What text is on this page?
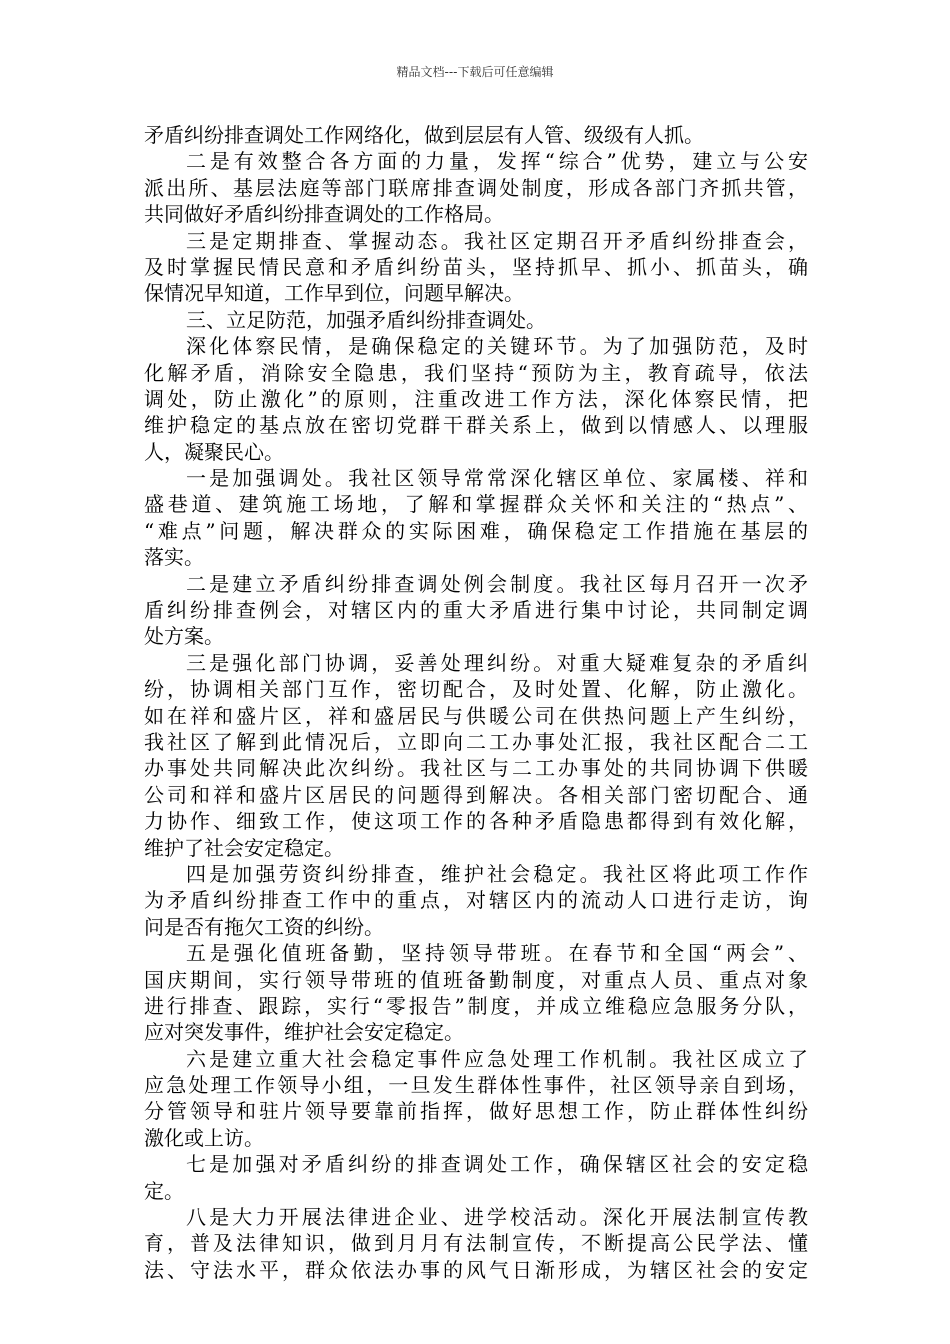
精品文档---下载后可任意编辑
矛盾纠纷排查调处工作网络化，做到层层有人管、级级有人抓。
二是有效整合各方面的力量，发挥“综合”优势，建立与公安
派出所、基层法庭等部门联席排查调处制度，形成各部门齐抓共管，
共同做好矛盾纠纷排查调处的工作格局。
三是定期排查、掌握动态。我社区定期召开矛盾纠纷排查会，
及时掌握民情民意和矛盾纠纷苗头，坚持抓早、抓小、抓苗头，确
保情况早知道，工作早到位，问题早解决。
三、立足防范，加强矛盾纠纷排查调处。
深化体察民情，是确保稳定的关键环节。为了加强防范，及时
化解矛盾，消除安全隐患，我们坚持“预防为主，教育疏导，依法
调处，防止激化”的原则，注重改进工作方法，深化体察民情，把
维护稳定的基点放在密切党群干群关系上，做到以情感人、以理服
人，凝聚民心。
一是加强调处。我社区领导常常深化辖区单位、家属楼、祥和
盛巷道、建筑施工场地，了解和掌握群众关怀和关注的“热点”、
“难点”问题，解决群众的实际困难，确保稳定工作措施在基层的
落实。
二是建立矛盾纠纷排查调处例会制度。我社区每月召开一次矛
盾纠纷排查例会，对辖区内的重大矛盾进行集中讨论，共同制定调
处方案。
三是强化部门协调，妥善处理纠纷。对重大疑难复杂的矛盾纠
纷，协调相关部门互作，密切配合，及时处置、化解，防止激化。
如在祥和盛片区，祥和盛居民与供暖公司在供热问题上产生纠纷，
我社区了解到此情况后，立即向二工办事处汇报，我社区配合二工
办事处共同解决此次纠纷。我社区与二工办事处的共同协调下供暖
公司和祥和盛片区居民的问题得到解决。各相关部门密切配合、通
力协作、细致工作，使这项工作的各种矛盾隐患都得到有效化解，
维护了社会安定稳定。
四是加强劳资纠纷排查，维护社会稳定。我社区将此项工作作
为矛盾纠纷排查工作中的重点，对辖区内的流动人口进行走访，询
问是否有拖欠工资的纠纷。
五是强化值班备勤，坚持领导带班。在春节和全国“两会”、
国庆期间，实行领导带班的值班备勤制度，对重点人员、重点对象
进行排查、跟踪，实行“零报告”制度，并成立维稳应急服务分队，
应对突发事件，维护社会安定稳定。
六是建立重大社会稳定事件应急处理工作机制。我社区成立了
应急处理工作领导小组，一旦发生群体性事件，社区领导亲自到场，
分管领导和驻片领导要靠前指挥，做好思想工作，防止群体性纠纷
激化或上访。
七是加强对矛盾纠纷的排查调处工作，确保辖区社会的安定稳
定。
八是大力开展法律进企业、进学校活动。深化开展法制宣传教
育，普及法律知识，做到月月有法制宣传，不断提高公民学法、懂
法、守法水平，群众依法办事的风气日渐形成，为辖区社会的安定
